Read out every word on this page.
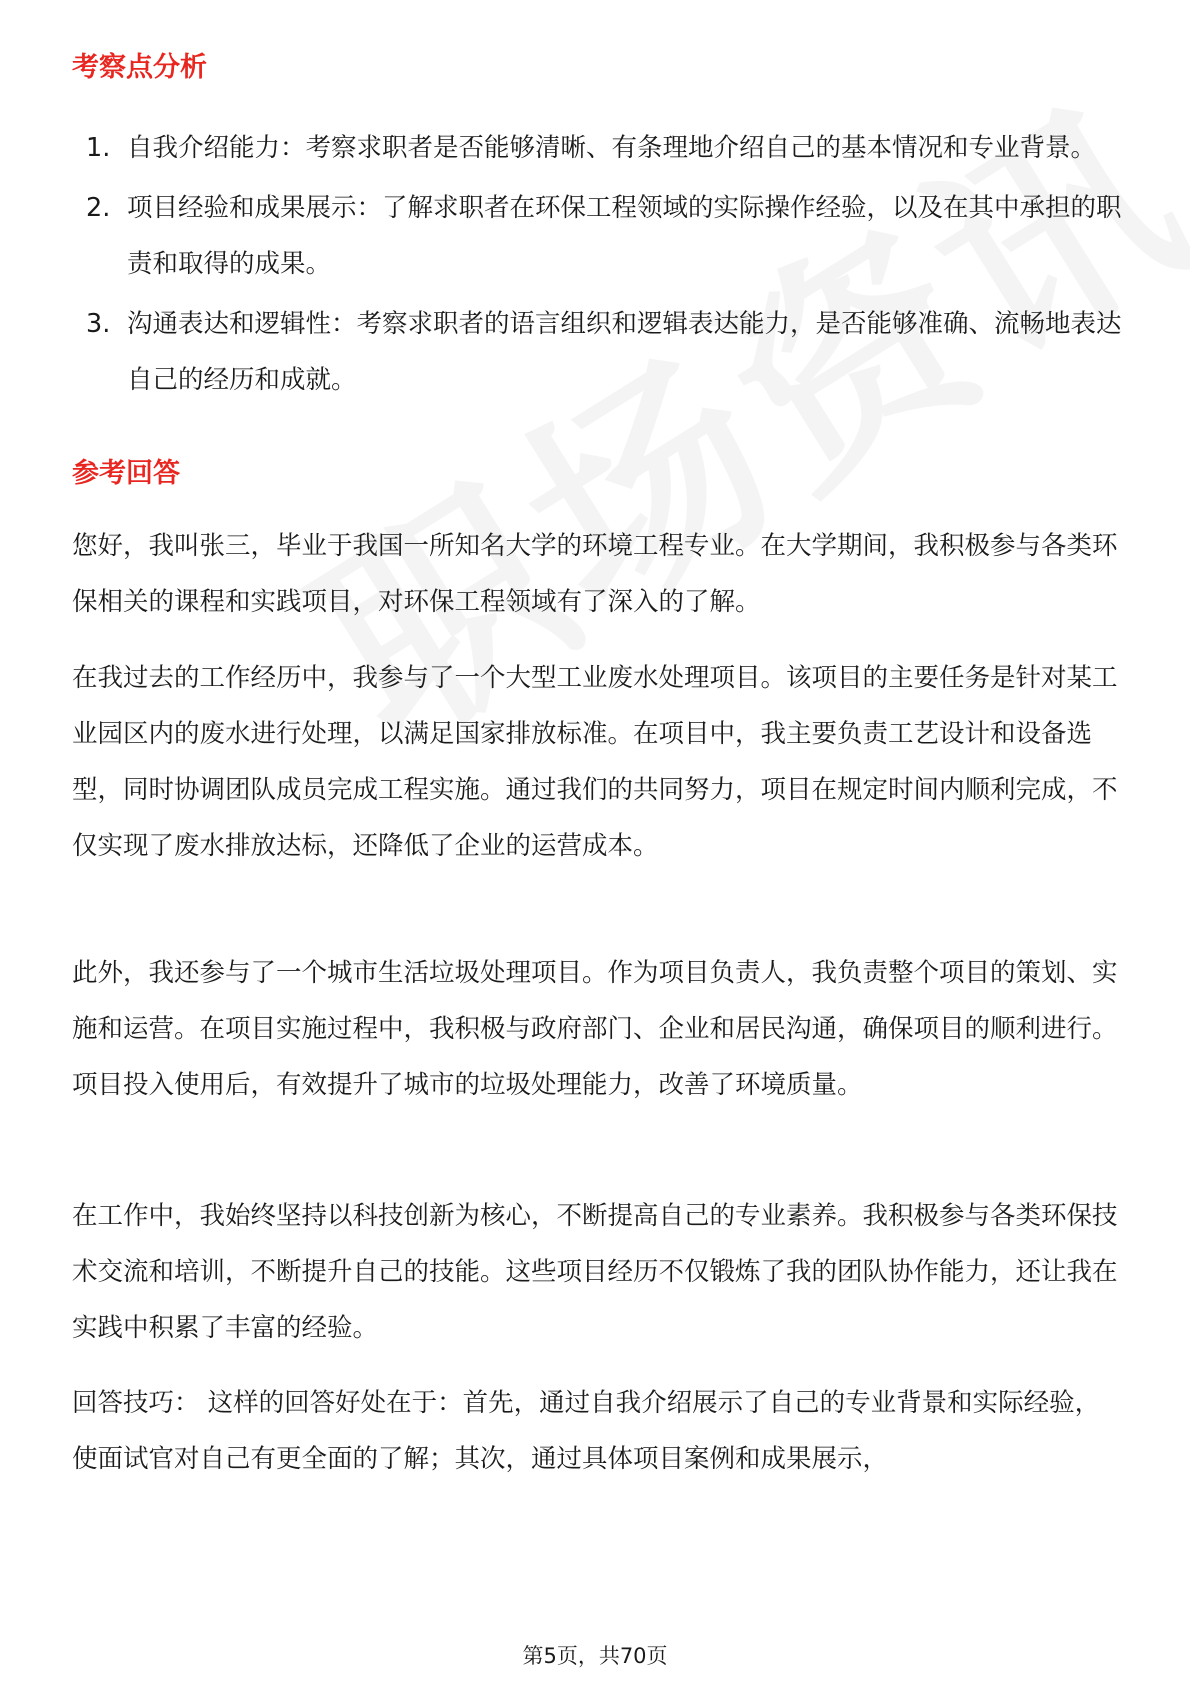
考察点分析
1. 自我介绍能力：考察求职者是否能够清晰、有条理地介绍自己的基本情况和专业背景。
2. 项目经验和成果展示：了解求职者在环保工程领域的实际操作经验，以及在其中承担的职责和取得的成果。
3. 沟通表达和逻辑性：考察求职者的语言组织和逻辑表达能力，是否能够准确、流畅地表达自己的经历和成就。
参考回答

您好，我叫张三，毕业于我国一所知名大学的环境工程专业。在大学期间，我积极参与各类环保相关的课程和实践项目，对环保工程领域有了深入的了解。

在我过去的工作经历中，我参与了一个大型工业废水处理项目。该项目的主要任务是针对某工业园区内的废水进行处理，以满足国家排放标准。在项目中，我主要负责工艺设计和设备选型，同时协调团队成员完成工程实施。通过我们的共同努力，项目在规定时间内顺利完成，不仅实现了废水排放达标，还降低了企业的运营成本。

此外，我还参与了一个城市生活垃圾处理项目。作为项目负责人，我负责整个项目的策划、实施和运营。在项目实施过程中，我积极与政府部门、企业和居民沟通，确保项目的顺利进行。项目投入使用后，有效提升了城市的垃圾处理能力，改善了环境质量。

在工作中，我始终坚持以科技创新为核心，不断提高自己的专业素养。我积极参与各类环保技术交流和培训，不断提升自己的技能。这些项目经历不仅锻炼了我的团队协作能力，还让我在实践中积累了丰富的经验。

回答技巧： 这样的回答好处在于：首先，通过自我介绍展示了自己的专业背景和实际经验，使面试官对自己有更全面的了解；其次，通过具体项目案例和成果展示，

第5页，共70页
